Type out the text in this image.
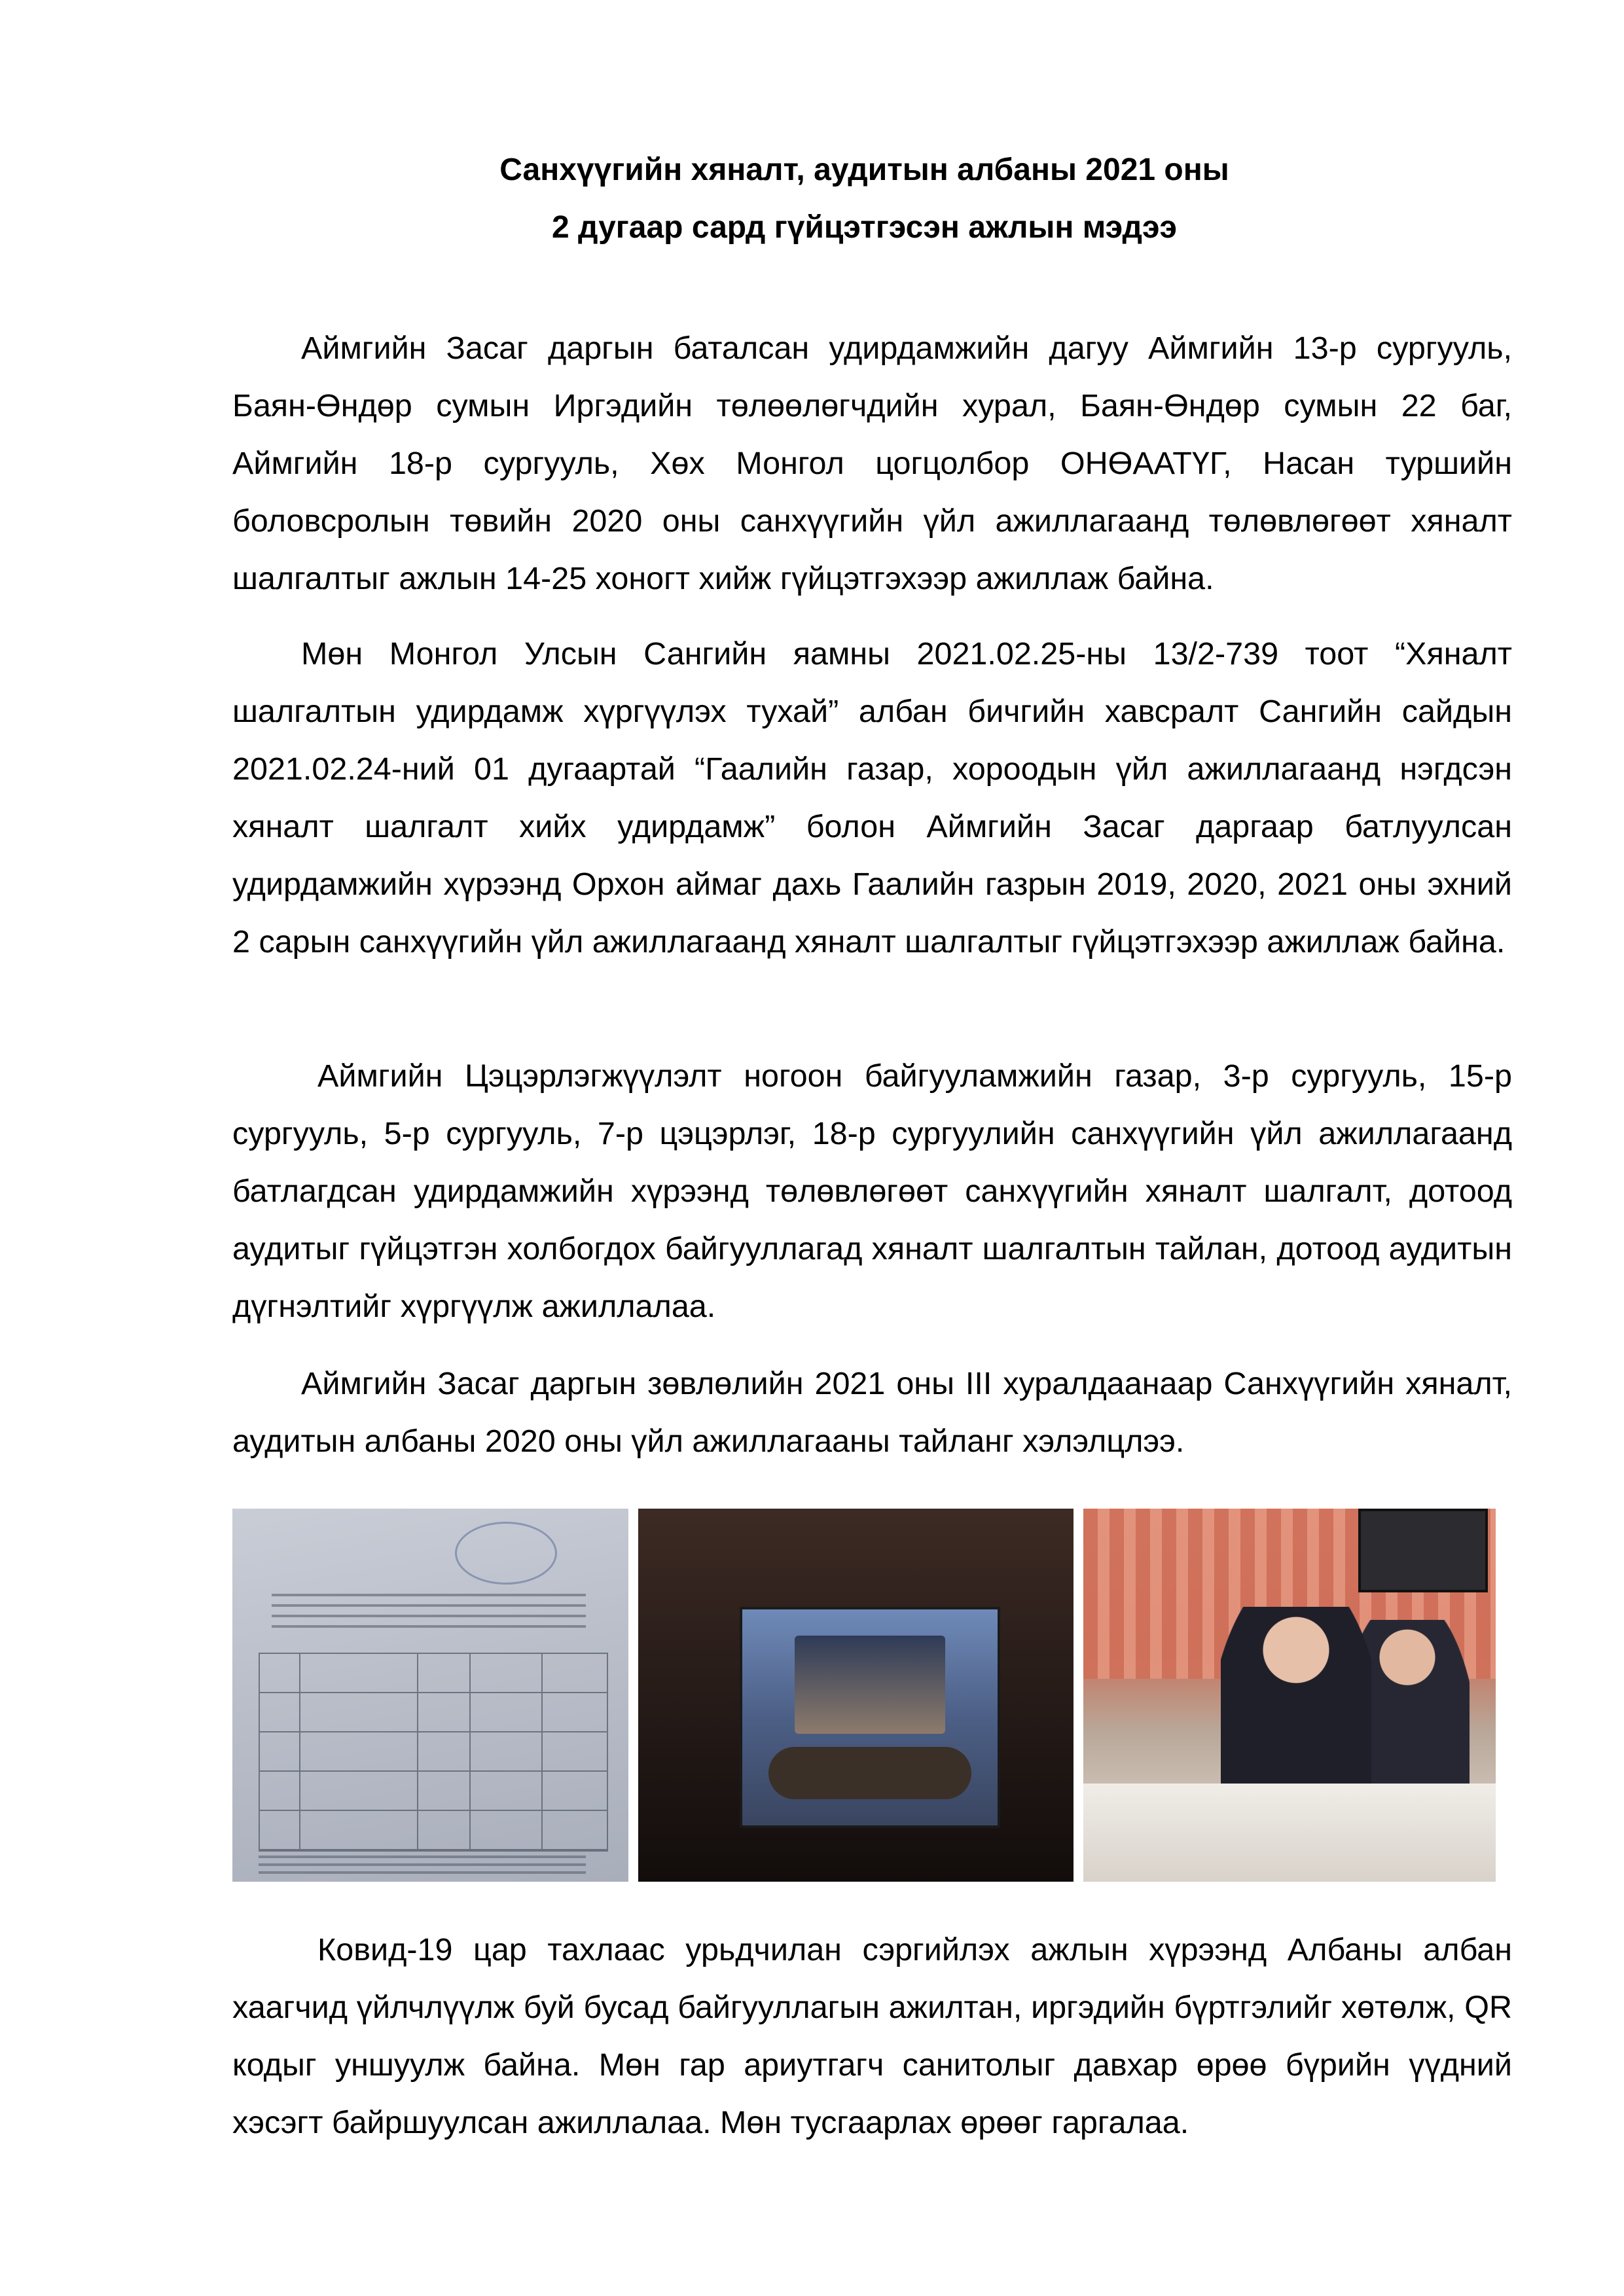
Санхүүгийн хяналт, аудитын албаны 2021 оны
2 дугаар сард гүйцэтгэсэн ажлын мэдээ

Аймгийн Засаг даргын баталсан удирдамжийн дагуу Аймгийн 13-р сургууль, Баян-Өндөр сумын Иргэдийн төлөөлөгчдийн хурал, Баян-Өндөр сумын 22 баг, Аймгийн 18-р сургууль, Хөх Монгол цогцолбор ОНӨААТҮГ, Насан туршийн боловсролын төвийн 2020 оны санхүүгийн үйл ажиллагаанд төлөвлөгөөт хяналт шалгалтыг ажлын 14-25 хоногт хийж гүйцэтгэхээр ажиллаж байна.

Мөн Монгол Улсын Сангийн яамны 2021.02.25-ны 13/2-739 тоот “Хяналт шалгалтын удирдамж хүргүүлэх тухай” албан бичгийн хавсралт Сангийн сайдын 2021.02.24-ний 01 дугаартай “Гаалийн газар, хороодын үйл ажиллагаанд нэгдсэн хяналт шалгалт хийх удирдамж” болон Аймгийн Засаг даргаар батлуулсан удирдамжийн хүрээнд Орхон аймаг дахь Гаалийн газрын 2019, 2020, 2021 оны эхний 2 сарын санхүүгийн үйл ажиллагаанд хяналт шалгалтыг гүйцэтгэхээр ажиллаж байна.

Аймгийн Цэцэрлэгжүүлэлт ногоон байгууламжийн газар, 3-р сургууль, 15-р сургууль, 5-р сургууль, 7-р цэцэрлэг, 18-р сургуулийн санхүүгийн үйл ажиллагаанд батлагдсан удирдамжийн хүрээнд төлөвлөгөөт санхүүгийн хяналт шалгалт, дотоод аудитыг гүйцэтгэн холбогдох байгууллагад хяналт шалгалтын тайлан, дотоод аудитын дүгнэлтийг хүргүүлж ажиллалаа.

Аймгийн Засаг даргын зөвлөлийн 2021 оны III хуралдаанаар Санхүүгийн хяналт, аудитын албаны 2020 оны үйл ажиллагааны тайланг хэлэлцлээ.

Ковид-19 цар тахлаас урьдчилан сэргийлэх ажлын хүрээнд Албаны албан хаагчид үйлчлүүлж буй бусад байгууллагын ажилтан, иргэдийн бүртгэлийг хөтөлж, QR кодыг уншуулж байна. Мөн гар ариутгагч санитолыг давхар өрөө бүрийн үүдний хэсэгт байршуулсан ажиллалаа. Мөн тусгаарлах өрөөг гаргалаа.
